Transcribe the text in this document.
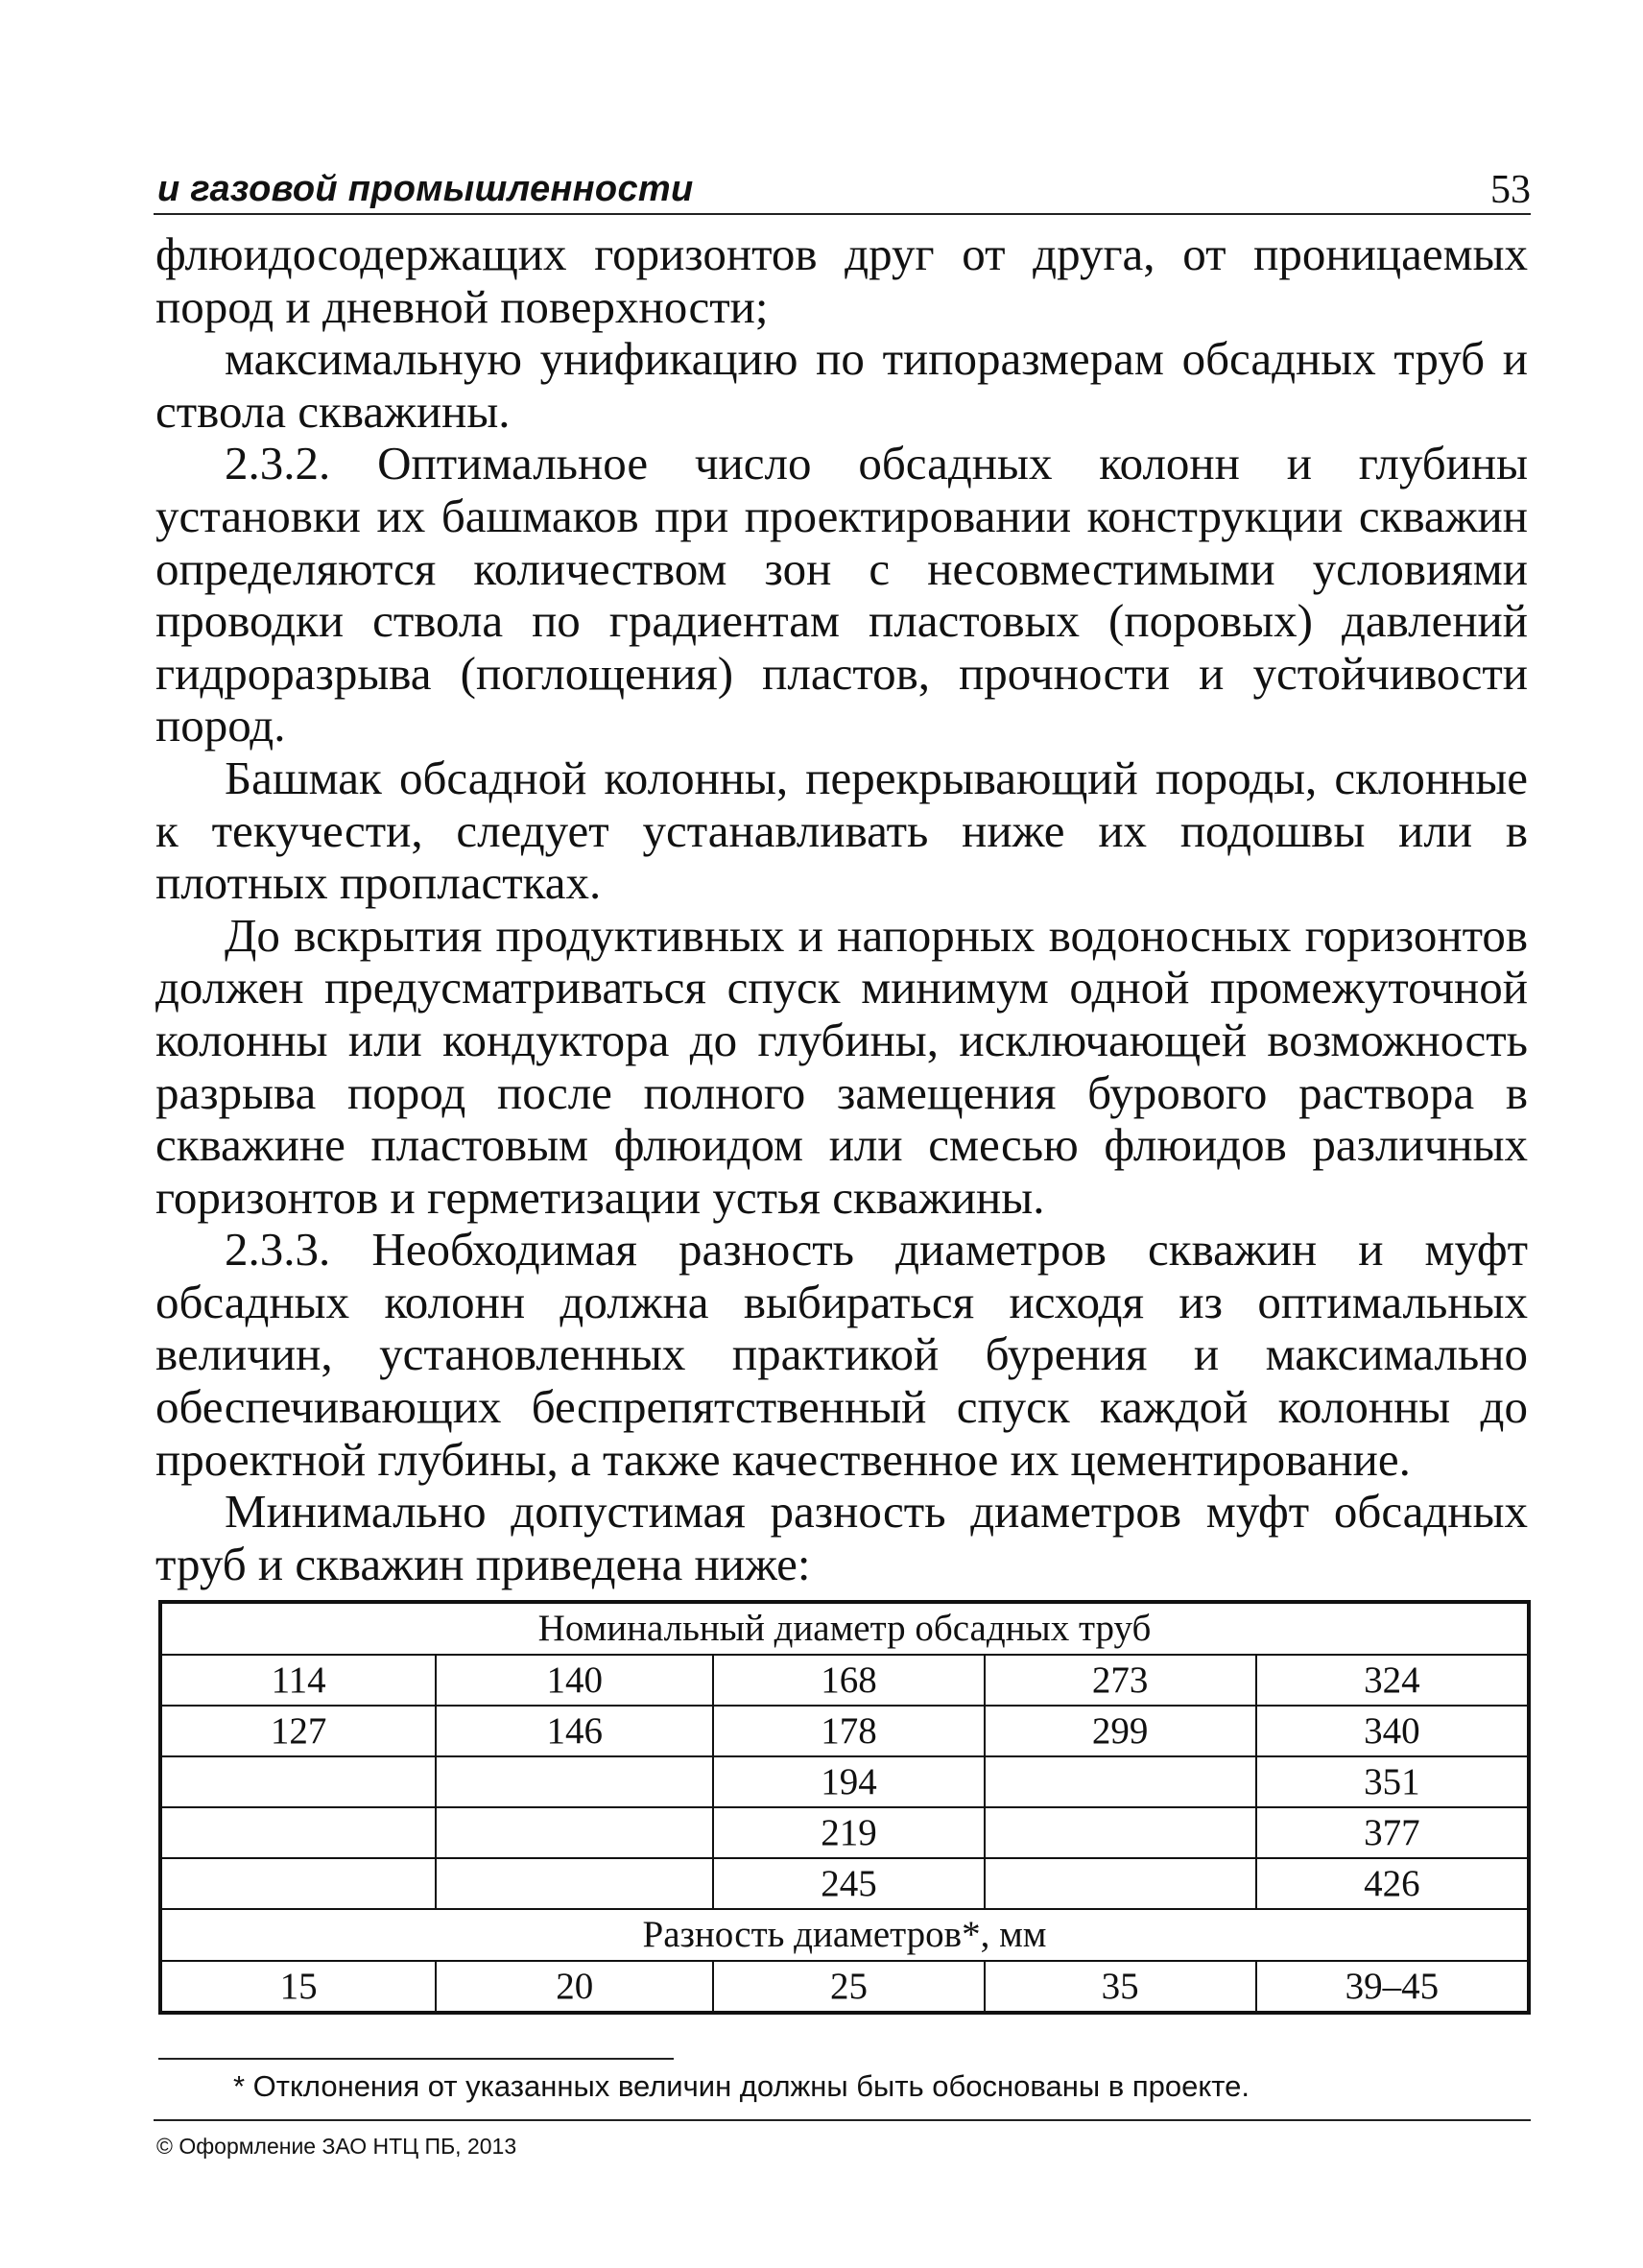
и газовой промышленности	53

флюидосодержащих горизонтов друг от друга, от проницаемых пород и дневной поверхности;

максимальную унификацию по типоразмерам обсадных труб и ствола скважины.

2.3.2. Оптимальное число обсадных колонн и глубины установки их башмаков при проектировании конструкции скважин определяются количеством зон с несовместимыми условиями проводки ствола по градиентам пластовых (поровых) давлений гидроразрыва (поглощения) пластов, прочности и устойчивости пород.

Башмак обсадной колонны, перекрывающий породы, склонные к текучести, следует устанавливать ниже их подошвы или в плотных пропластках.

До вскрытия продуктивных и напорных водоносных горизонтов должен предусматриваться спуск минимум одной промежуточной колонны или кондуктора до глубины, исключающей возможность разрыва пород после полного замещения бурового раствора в скважине пластовым флюидом или смесью флюидов различных горизонтов и герметизации устья скважины.

2.3.3. Необходимая разность диаметров скважин и муфт обсадных колонн должна выбираться исходя из оптимальных величин, установленных практикой бурения и максимально обеспечивающих беспрепятственный спуск каждой колонны до проектной глубины, а также качественное их цементирование.

Минимально допустимая разность диаметров муфт обсадных труб и скважин приведена ниже:

Номинальный диаметр обсадных труб				
114	140	168	273	324
127	146	178	299	340
		194		351
		219		377
		245		426
Разность диаметров*, мм				
15	20	25	35	39–45
* Отклонения от указанных величин должны быть обоснованы в проекте.
© Оформление ЗАО НТЦ ПБ, 2013
